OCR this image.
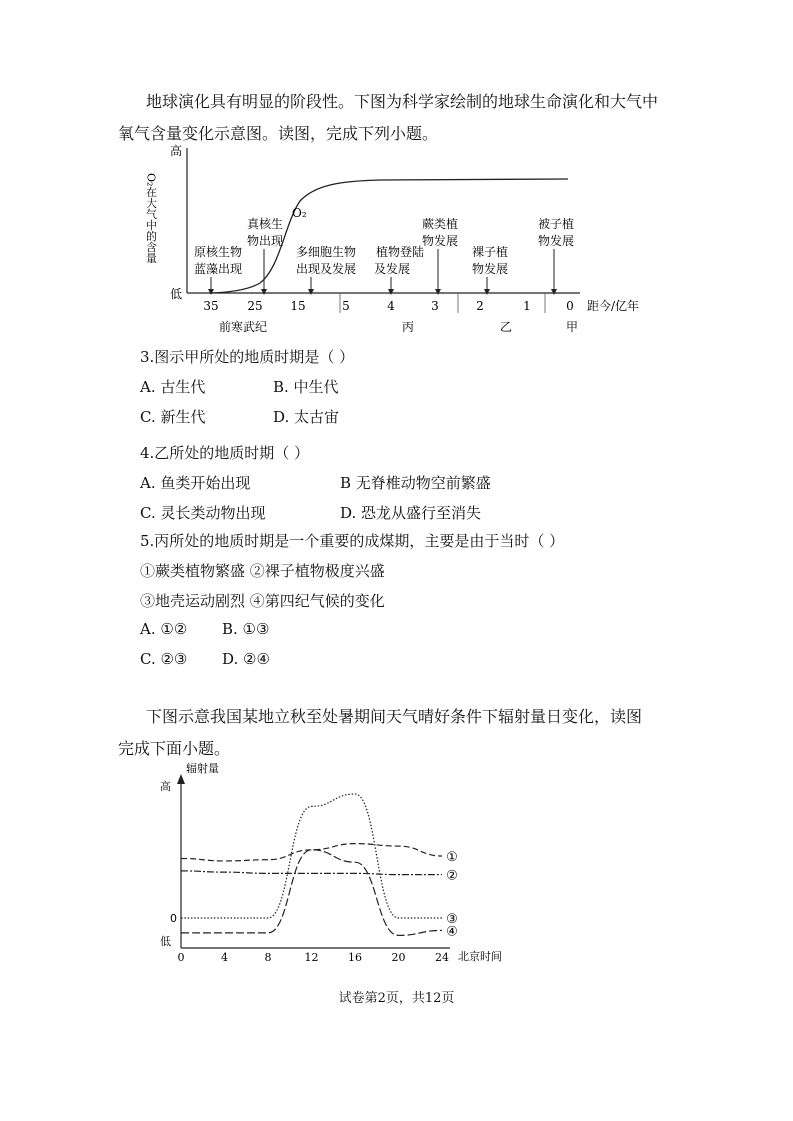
地球演化具有明显的阶段性。下图为科学家绘制的地球生命演化和大气中
氧气含量变化示意图。读图，完成下列小题。
高
低
O₂在大气中的含量	O₂
35 25 15	5	4	3	2	1	0 距今/亿年
前寒武纪	丙	乙	甲
原核生物
蓝藻出现
真核生
物出现
多细胞生物
出现及发展
植物登陆
及发展
蕨类植
物发展
裸子植
物发展
被子植
物发展
3.图示甲所处的地质时期是（ ）
A. 古生代	B. 中生代
C. 新生代	D. 太古宙
4.乙所处的地质时期（ ）
A. 鱼类开始出现	B 无脊椎动物空前繁盛
C. 灵长类动物出现	D. 恐龙从盛行至消失
5.丙所处的地质时期是一个重要的成煤期，主要是由于当时（ ）
①蕨类植物繁盛 ②裸子植物极度兴盛
③地壳运动剧烈 ④第四纪气候的变化
A. ①② B. ①③
C. ②③ D. ②④
下图示意我国某地立秋至处暑期间天气晴好条件下辐射量日变化，读图
完成下面小题。
辐射量
高
0
低
北京时间
0	4	8	12	16	20	24
①
②
③
④
试卷第2页，共12页
